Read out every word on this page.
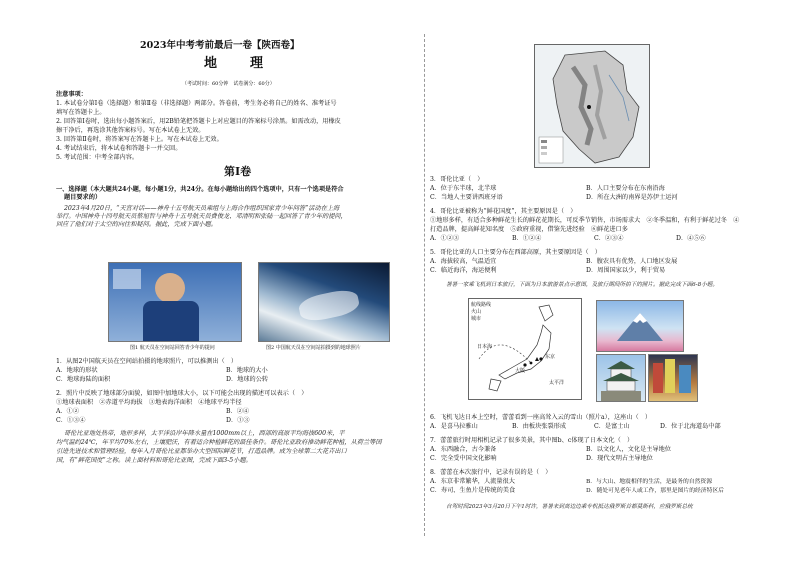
2023年中考考前最后一卷【陕西卷】
地　理
（考试时间：60分钟　试卷满分：60分）
注意事项：
1. 本试卷分第Ⅰ卷（选择题）和第Ⅱ卷（非选择题）两部分。答卷前，考生务必将自己的姓名、准考证号
填写在答题卡上。
2. 回答第Ⅰ卷时，选出每小题答案后，用2B铅笔把答题卡上对应题目的答案标号涂黑。如需改动，用橡皮
擦干净后，再选涂其他答案标号。写在本试卷上无效。
3. 回答第Ⅱ卷时，将答案写在答题卡上。写在本试卷上无效。
4. 考试结束后，将本试卷和答题卡一并交回。
5. 考试范围：中考全部内容。
第Ⅰ卷
一、选择题（本大题共24小题，每小题1分，共24分。在每小题给出的四个选项中，只有一个选项是符合
题目要求的）
2023年4月20日，“天宫对话——神舟十五号航天员乘组与上海合作组织国家青少年问答”活动在上海
举行。中国神舟十四号航天员蔡旭哲与神舟十五号航天员费俊龙、邓清明和张陆一起回答了青少年的提问，
回应了他们对于太空的向往和疑问。据此，完成下面小题。
图1 航天员在空间站回答青少年的提问	图2 中国航天员在空间站拍摄到的地球照片
1．从图2中国航天员在空间站拍摄的地球照片，可以推测出（　）
A．地球的形状	B．地球的大小
C．地球海陆的面积	D．地球的公转
2．照片中反映了地球部分面貌，如图中加地球大小，以下可能会出现的描述可以表示（　）
①地球表面积　②赤道平均海拔　③地表海洋面积　④地球平均半径
A．①②	B．②④
C．①③④	D．①③
哥伦比亚地处热带，地形多样，太平洋沿岸年降水量在1000mm以上，西部的高原平均海拔600米，平
均气温约24℃，年平均70%左右，土壤肥沃，有着适合种植鲜花的最佳条件。哥伦比亚政府推动鲜花种植，从荷兰等国
引进先进技术和管理经验，每年入月哥伦比亚都举办大型国际鲜花节，打造品牌。成为全球第二大花卉出口
国，有“鲜花国度”之称。读上面材料和哥伦比亚图，完成下面3-5小题。
3．哥伦比亚（　）
A．位于东半球，北半球	B．人口主要分布在东南沿海
C．当地人主要讲西班牙语	D．所在大洲的南界是苏伊士运河
4．哥伦比亚被称为“鲜花国度”，其主要原因是（　）
①地形多样，有适合多种鲜花生长的鲜花花期长，可反季节销售，市场需求大　②冬季温和，有利于鲜花过冬　④
打造品牌，提高鲜花知名度　⑤政府重视，借鉴先进经验　⑥鲜花进口多
A．①②③	B．①②④	C．②③④	D．④⑤⑥
5．哥伦比亚的人口主要分布在西部高原，其主要原因是（　）
A．海拔较高，气温适宜	B．腹农具有优势，人口地区发展
C．临近海洋，海运便利	D．周围国家以少，利于贸易
暑暑一家乘飞机到日本旅行，下面为日本旅游景点示意图，及旅行期间所拍下的照片。据此完成下面6-8小题。
航线路线
火山
城市
日本海
东京
大阪
太平洋
6．飞机飞达日本上空时，蕾蕾看到一座高耸入云的雪山（照片a），这座山（　）
A．是喜马拉雅山	B．由板块张裂形成	C．是富士山	D．位于北海道岛中部
7．蕾蕾旅行时用相机记录了很多美景，其中图b、c体现了日本文化（　）
A．东西融合，古今兼备	B．以文化人，文化是主导地位
C．完全受中国文化影响	D．现代文明占主导地位
8．蕾蕾在本次旅行中，记录有误的是（　）
A．东京非常繁华，人流量很大	B．与大山、地震相伴的生活，是最务的自然资源
C．寿司、生鱼片是传统的美食	D．随处可见老年人或工作，那里是图片的经济特区后
自驾时间2023年3月20日下午1时许，暑暑来到离边边乘专机抵达俄罗斯首都莫斯科，应俄罗斯总统
